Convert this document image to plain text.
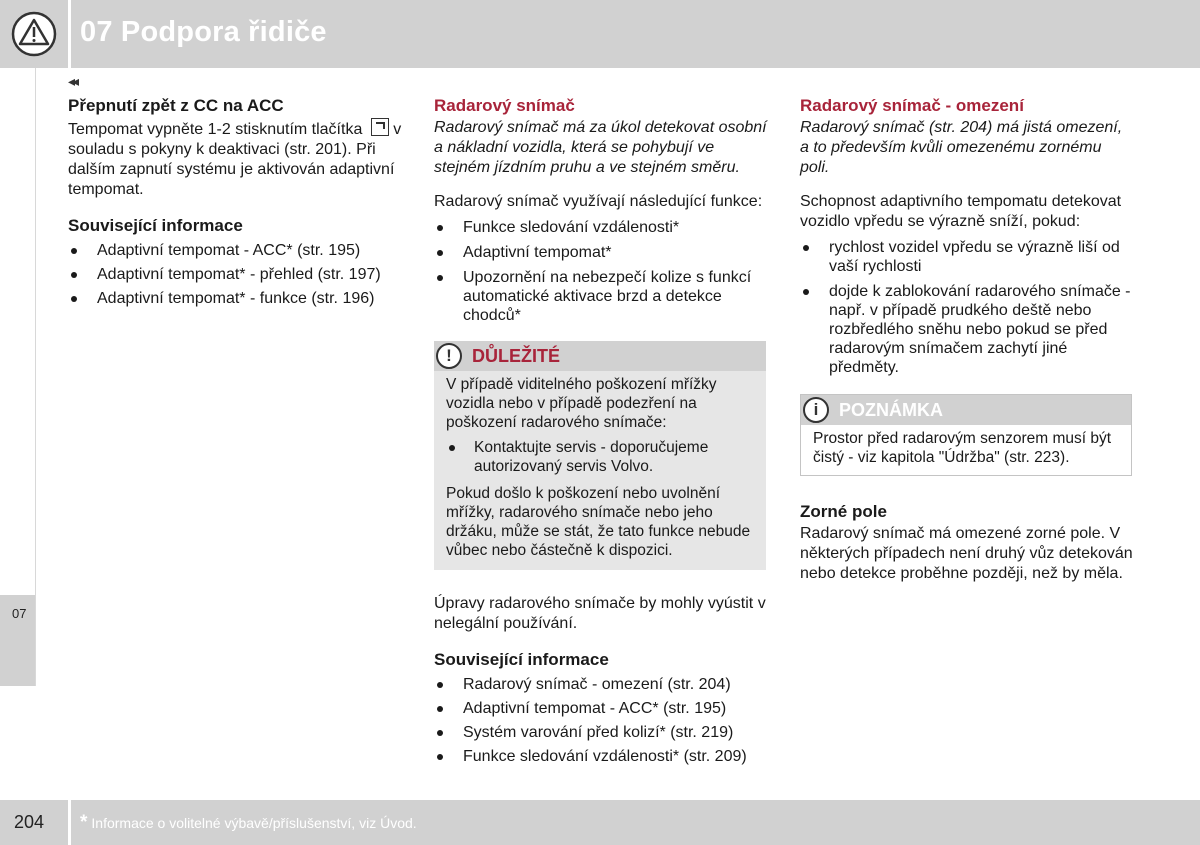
07 Podpora řidiče
07
◂◂
Přepnutí zpět z CC na ACC

Tempomat vypněte 1-2 stisknutím tlačítka v souladu s pokyny k deaktivaci (str. 201). Při dalším zapnutí systému je aktivován adaptivní tempomat.

Související informace
Adaptivní tempomat - ACC* (str. 195)
Adaptivní tempomat* - přehled (str. 197)
Adaptivní tempomat* - funkce (str. 196)
Radarový snímač

Radarový snímač má za úkol detekovat osobní a nákladní vozidla, která se pohybují ve stejném jízdním pruhu a ve stejném směru.

Radarový snímač využívají následující funkce:

Funkce sledování vzdálenosti*
Adaptivní tempomat*
Upozornění na nebezpečí kolize s funkcí automatické aktivace brzd a detekce chodců*
!	DŮLEŽITÉ

V případě viditelného poškození mřížky vozidla nebo v případě podezření na poškození radarového snímače:

Kontaktujte servis - doporučujeme autorizovaný servis Volvo.

Pokud došlo k poškození nebo uvolnění mřížky, radarového snímače nebo jeho držáku, může se stát, že tato funkce nebude vůbec nebo částečně k dispozici.

Úpravy radarového snímače by mohly vyústit v nelegální používání.

Související informace
Radarový snímač - omezení (str. 204)
Adaptivní tempomat - ACC* (str. 195)
Systém varování před kolizí* (str. 219)
Funkce sledování vzdálenosti* (str. 209)
Radarový snímač - omezení

Radarový snímač (str. 204) má jistá omezení, a to především kvůli omezenému zornému poli.

Schopnost adaptivního tempomatu detekovat vozidlo vpředu se výrazně sníží, pokud:

rychlost vozidel vpředu se výrazně liší od vaší rychlosti
dojde k zablokování radarového snímače - např. v případě prudkého deště nebo rozbředlého sněhu nebo pokud se před radarovým snímačem zachytí jiné předměty.
i	POZNÁMKA

Prostor před radarovým senzorem musí být čistý - viz kapitola "Údržba" (str. 223).

Zorné pole

Radarový snímač má omezené zorné pole. V některých případech není druhý vůz detekován nebo detekce proběhne později, než by měla.

204 * Informace o volitelné výbavě/příslušenství, viz Úvod.
